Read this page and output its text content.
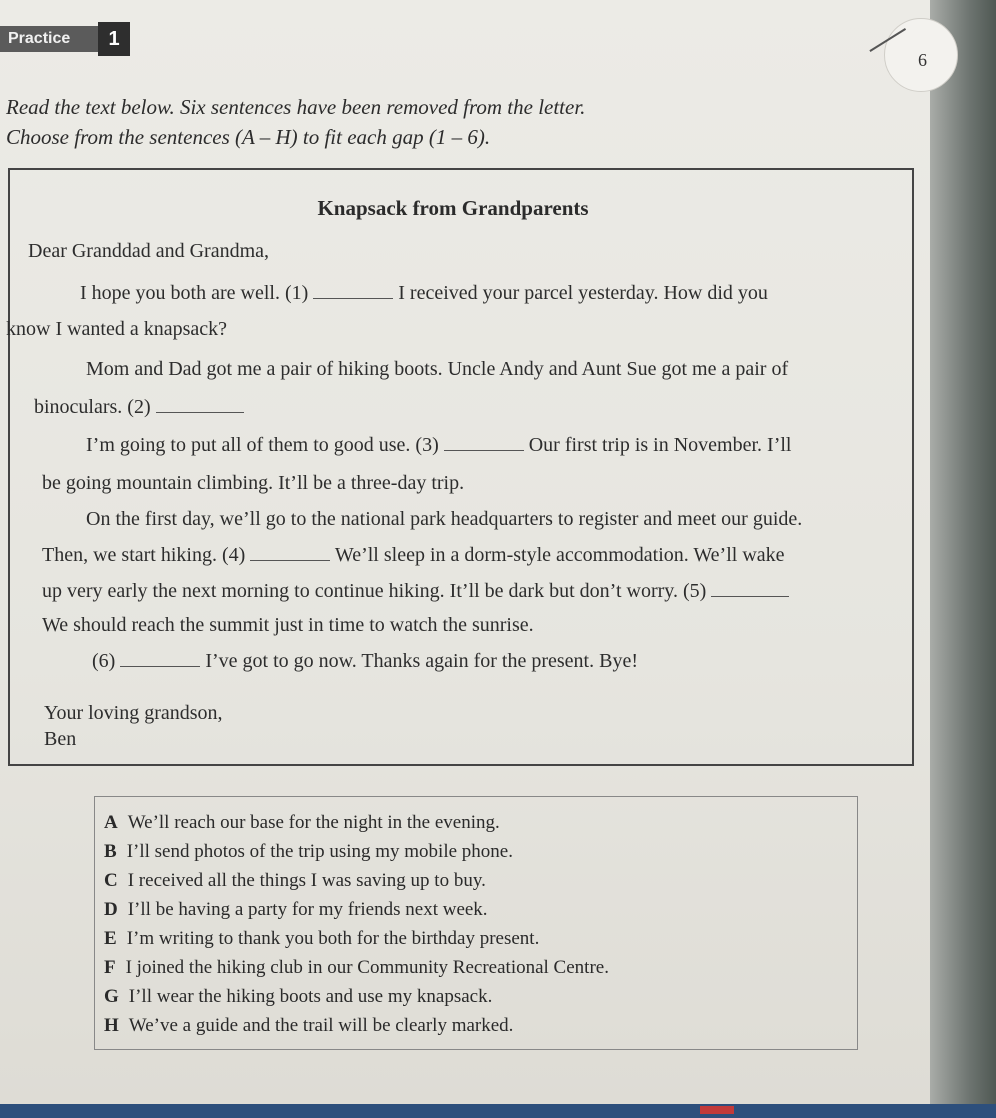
Practice	1
6
Read the text below. Six sentences have been removed from the letter.
Choose from the sentences (A – H) to fit each gap (1 – 6).
Knapsack from Grandparents
Dear Granddad and Grandma,
I hope you both are well. (1)	I received your parcel yesterday. How did you
know I wanted a knapsack?
Mom and Dad got me a pair of hiking boots. Uncle Andy and Aunt Sue got me a pair of
binoculars. (2)
I’m going to put all of them to good use. (3)	Our first trip is in November. I’ll
be going mountain climbing. It’ll be a three-day trip.
On the first day, we’ll go to the national park headquarters to register and meet our guide.
Then, we start hiking. (4)	We’ll sleep in a dorm-style accommodation. We’ll wake
up very early the next morning to continue hiking. It’ll be dark but don’t worry. (5)
We should reach the summit just in time to watch the sunrise.
(6)	I’ve got to go now. Thanks again for the present. Bye!
Your loving grandson,
Ben
A We’ll reach our base for the night in the evening.
B I’ll send photos of the trip using my mobile phone.
C I received all the things I was saving up to buy.
D I’ll be having a party for my friends next week.
E I’m writing to thank you both for the birthday present.
F I joined the hiking club in our Community Recreational Centre.
G I’ll wear the hiking boots and use my knapsack.
H We’ve a guide and the trail will be clearly marked.
